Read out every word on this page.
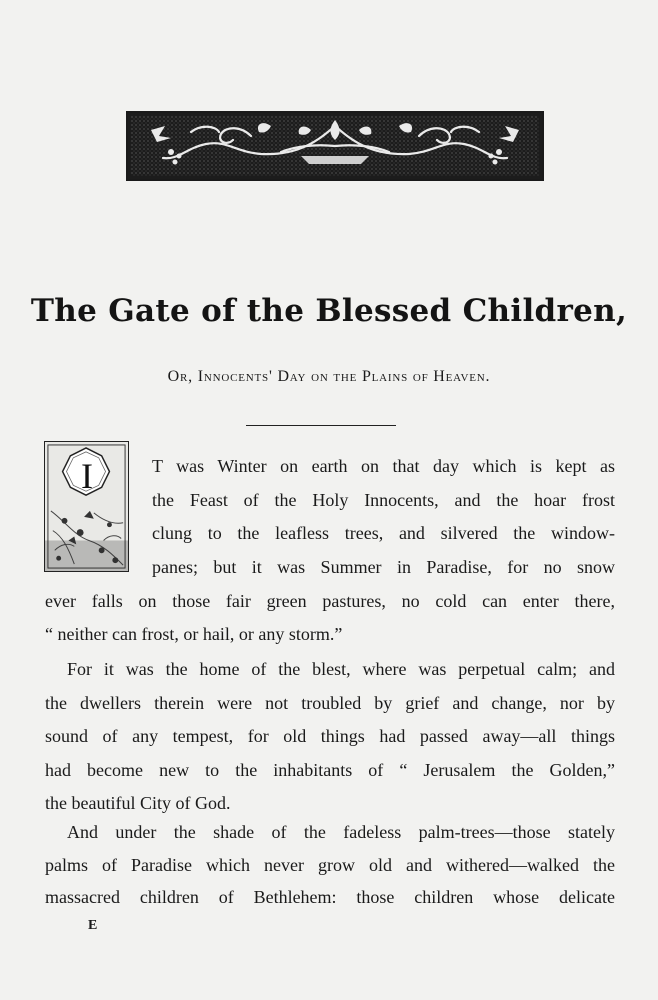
The Gate of the Blessed Children,
Or, Innocents' Day on the Plains of Heaven.
I	T was Winter on earth on that day which is kept as
the Feast of the Holy Innocents, and the hoar frost
clung to the leafless trees, and silvered the window-
panes; but it was Summer in Paradise, for no snow
ever falls on those fair green pastures, no cold can enter there,
“ neither can frost, or hail, or any storm.”
For it was the home of the blest, where was perpetual calm; and
the dwellers therein were not troubled by grief and change, nor by
sound of any tempest, for old things had passed away—all things
had become new to the inhabitants of “ Jerusalem the Golden,”
the beautiful City of God.
And under the shade of the fadeless palm-trees—those stately
palms of Paradise which never grow old and withered—walked the
massacred children of Bethlehem: those children whose delicate
E
